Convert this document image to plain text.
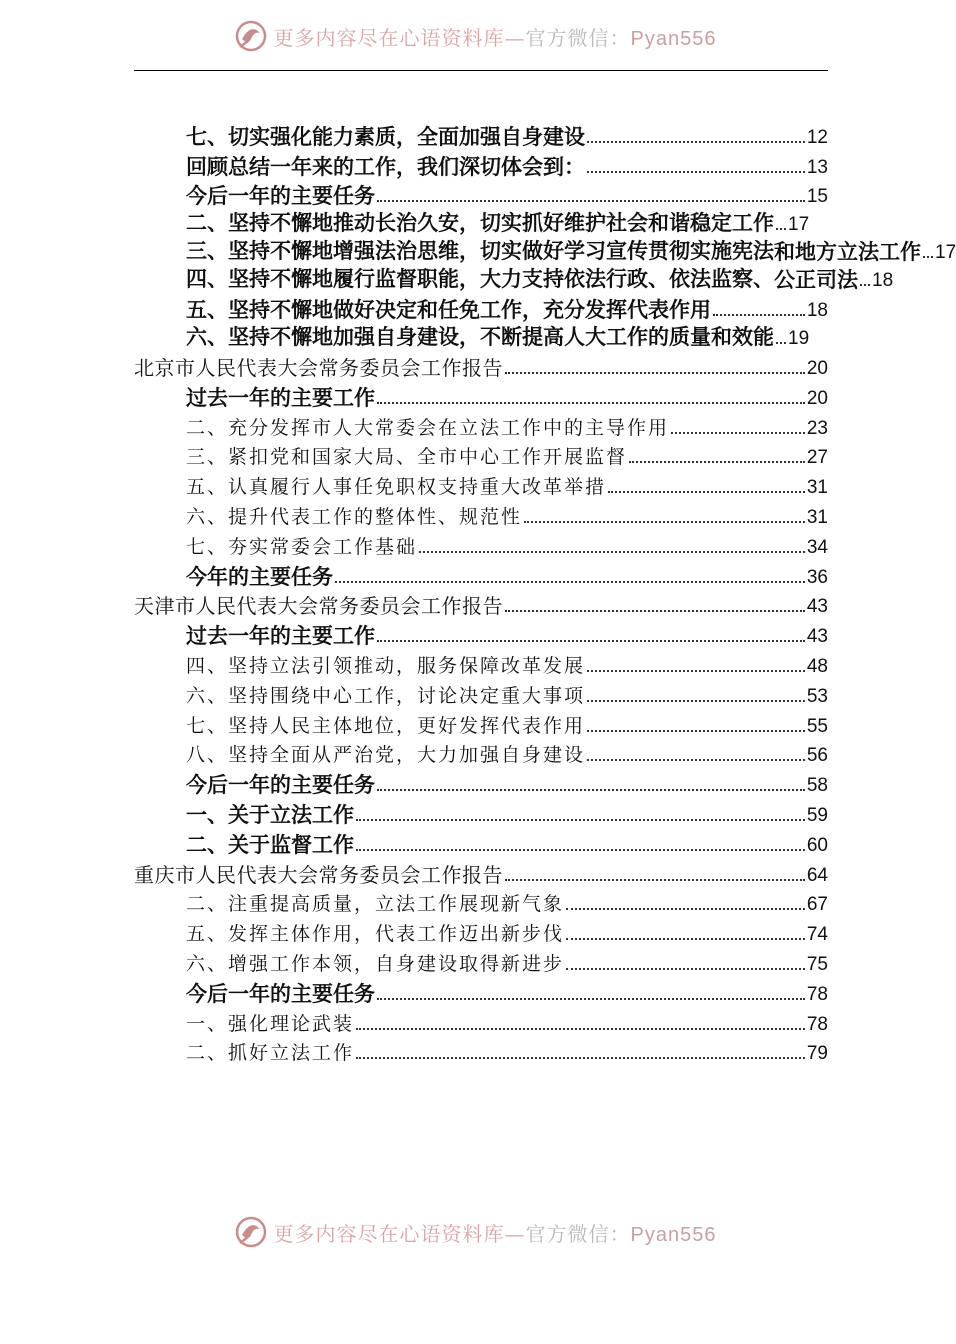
更多内容尽在心语资料库—官方微信：Pyan556
七、切实强化能力素质，全面加强自身建设	12
回顾总结一年来的工作，我们深切体会到：	13
今后一年的主要任务	15
二、坚持不懈地推动长治久安，切实抓好维护社会和谐稳定工作 17
三、坚持不懈地增强法治思维，切实做好学习宣传贯彻实施宪法 和地方立法工作 17
四、坚持不懈地履行监督职能，大力支持依法行政、依法监察、 公正司法 18
五、坚持不懈地做好决定和任免工作，充分发挥代表作用	18
六、坚持不懈地加强自身建设，不断提高人大工作的质量和效能 19
北京市人民代表大会常务委员会工作报告	20
过去一年的主要工作	20
二、充分发挥市人大常委会在立法工作中的主导作用	23
三、紧扣党和国家大局、全市中心工作开展监督	27
五、认真履行人事任免职权支持重大改革举措	31
六、提升代表工作的整体性、规范性	31
七、夯实常委会工作基础	34
今年的主要任务	36
天津市人民代表大会常务委员会工作报告	43
过去一年的主要工作	43
四、坚持立法引领推动，服务保障改革发展	48
六、坚持围绕中心工作，讨论决定重大事项	53
七、坚持人民主体地位，更好发挥代表作用	55
八、坚持全面从严治党，大力加强自身建设	56
今后一年的主要任务	58
一、关于立法工作	59
二、关于监督工作	60
重庆市人民代表大会常务委员会工作报告	64
二、注重提高质量，立法工作展现新气象	67
五、发挥主体作用，代表工作迈出新步伐	74
六、增强工作本领，自身建设取得新进步	75
今后一年的主要任务	78
一、强化理论武装	78
二、抓好立法工作	79
更多内容尽在心语资料库—官方微信：Pyan556
